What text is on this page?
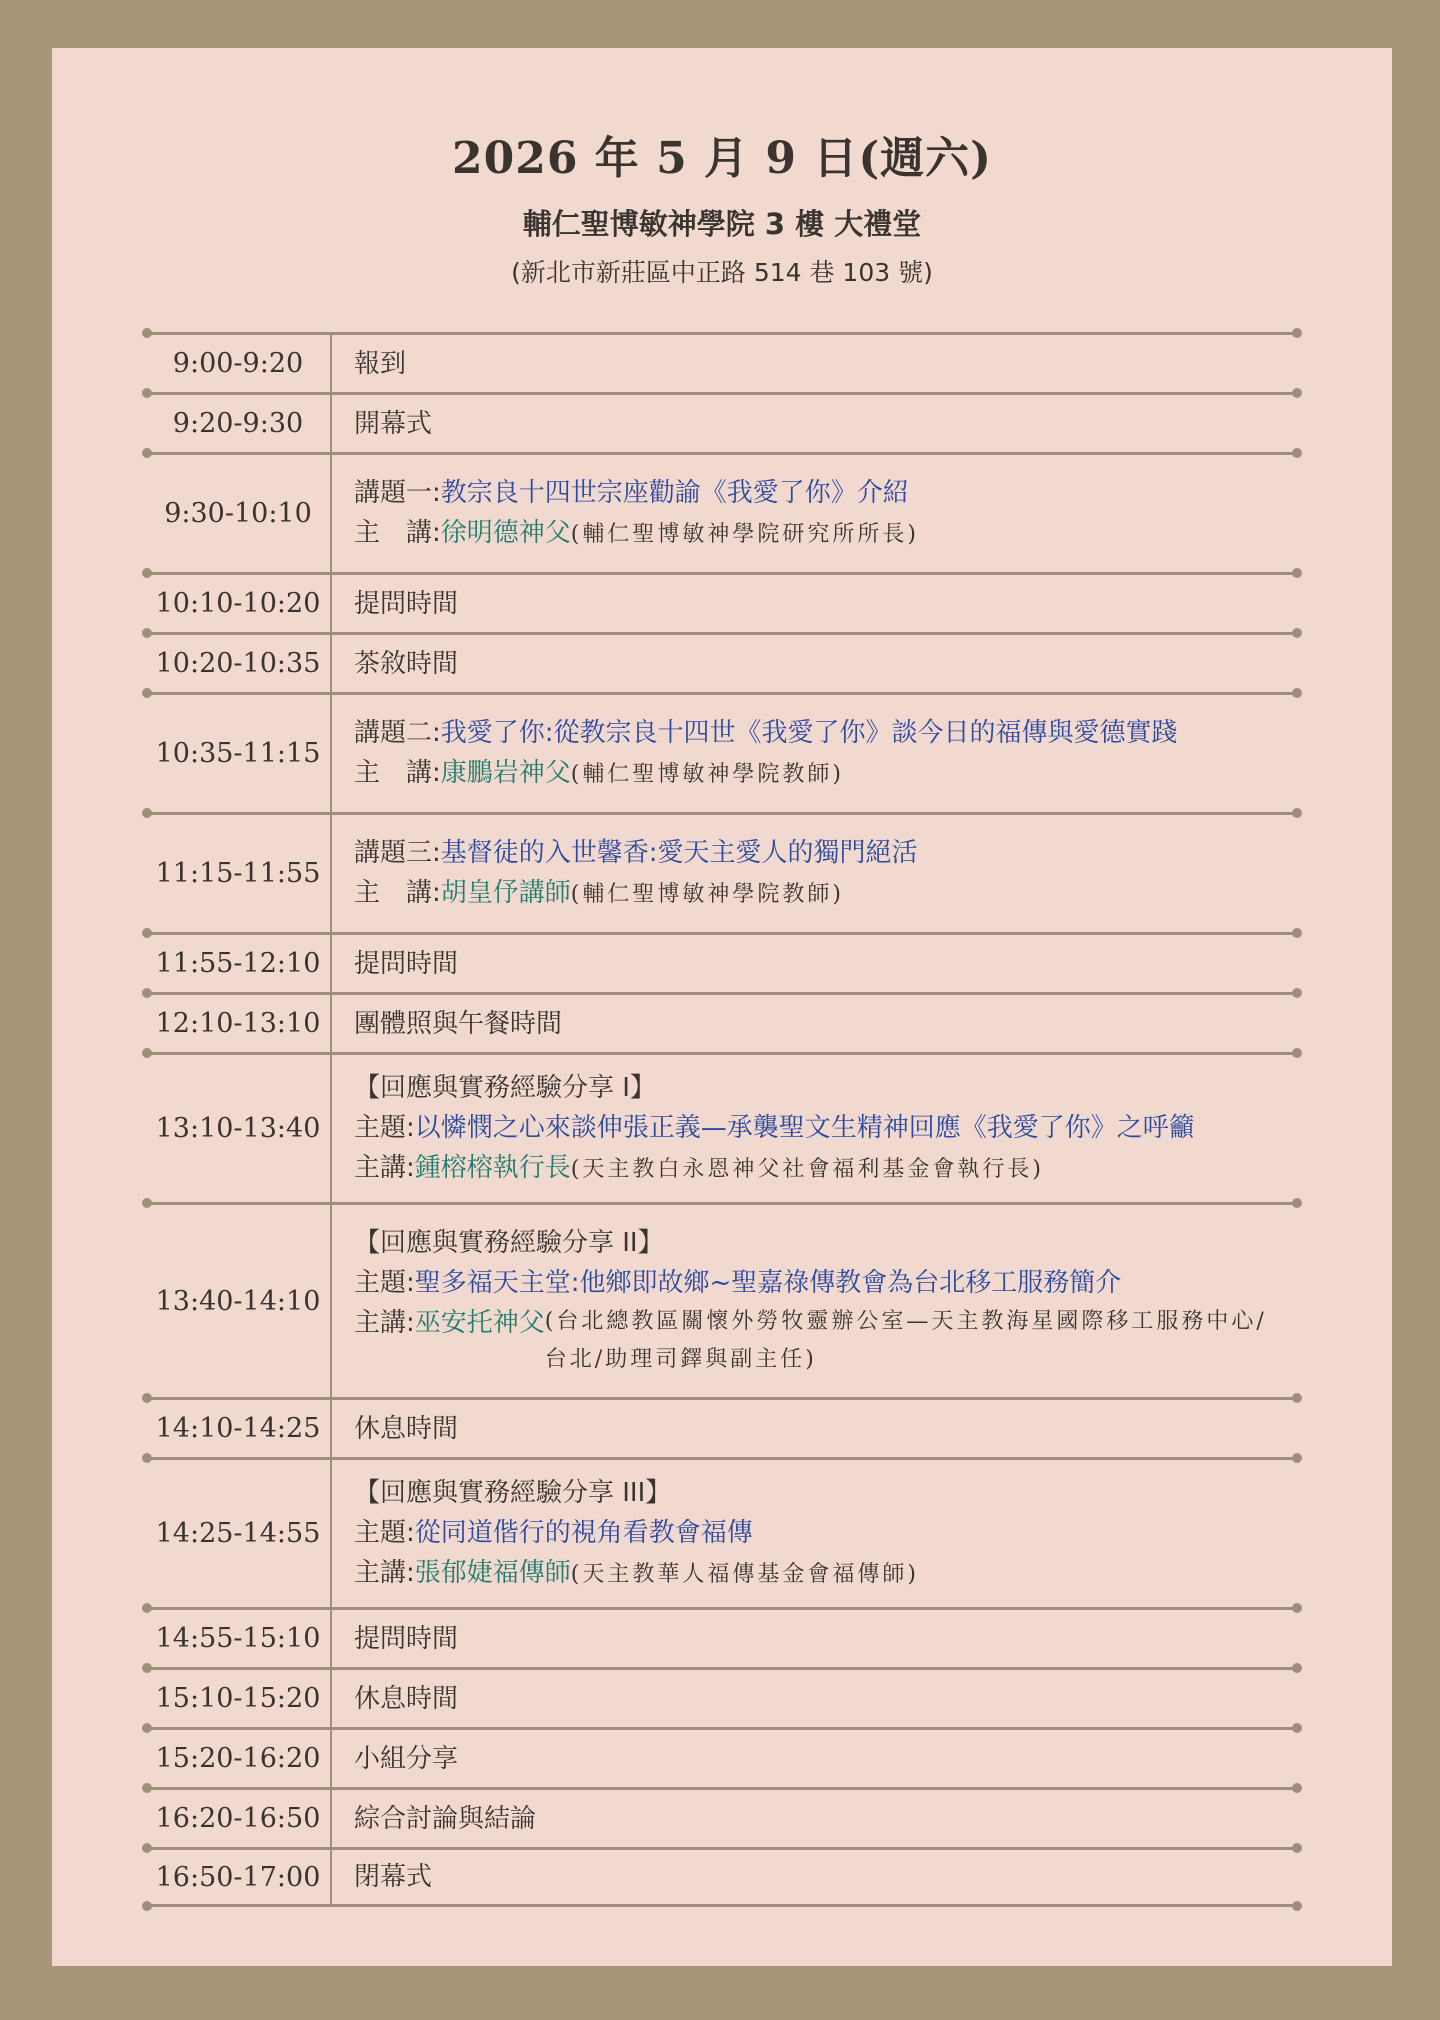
2026 年 5 月 9 日(週六)
輔仁聖博敏神學院 3 樓 大禮堂
(新北市新莊區中正路 514 巷 103 號)
9:00-9:20	報到
9:20-9:30	開幕式
9:30-10:10
講題一:教宗良十四世宗座勸諭《我愛了你》介紹
主　講:徐明德神父(輔仁聖博敏神學院研究所所長)
10:10-10:20	提問時間
10:20-10:35	茶敘時間
10:35-11:15
講題二:我愛了你:從教宗良十四世《我愛了你》談今日的福傳與愛德實踐
主　講:康鵬岩神父(輔仁聖博敏神學院教師)
11:15-11:55
講題三:基督徒的入世馨香:愛天主愛人的獨門絕活
主　講:胡皇伃講師(輔仁聖博敏神學院教師)
11:55-12:10	提問時間
12:10-13:10	團體照與午餐時間
13:10-13:40
【回應與實務經驗分享 I】
主題:以憐憫之心來談伸張正義—承襲聖文生精神回應《我愛了你》之呼籲
主講:鍾榕榕執行長(天主教白永恩神父社會福利基金會執行長)
13:40-14:10
【回應與實務經驗分享 II】
主題:聖多福天主堂:他鄉即故鄉~聖嘉祿傳教會為台北移工服務簡介
主講:巫安托神父(台北總教區關懷外勞牧靈辦公室—天主教海星國際移工服務中心/台北/助理司鐸與副主任)
14:10-14:25	休息時間
14:25-14:55
【回應與實務經驗分享 III】
主題:從同道偕行的視角看教會福傳
主講:張郁婕福傳師(天主教華人福傳基金會福傳師)
14:55-15:10	提問時間
15:10-15:20	休息時間
15:20-16:20	小組分享
16:20-16:50	綜合討論與結論
16:50-17:00	閉幕式
